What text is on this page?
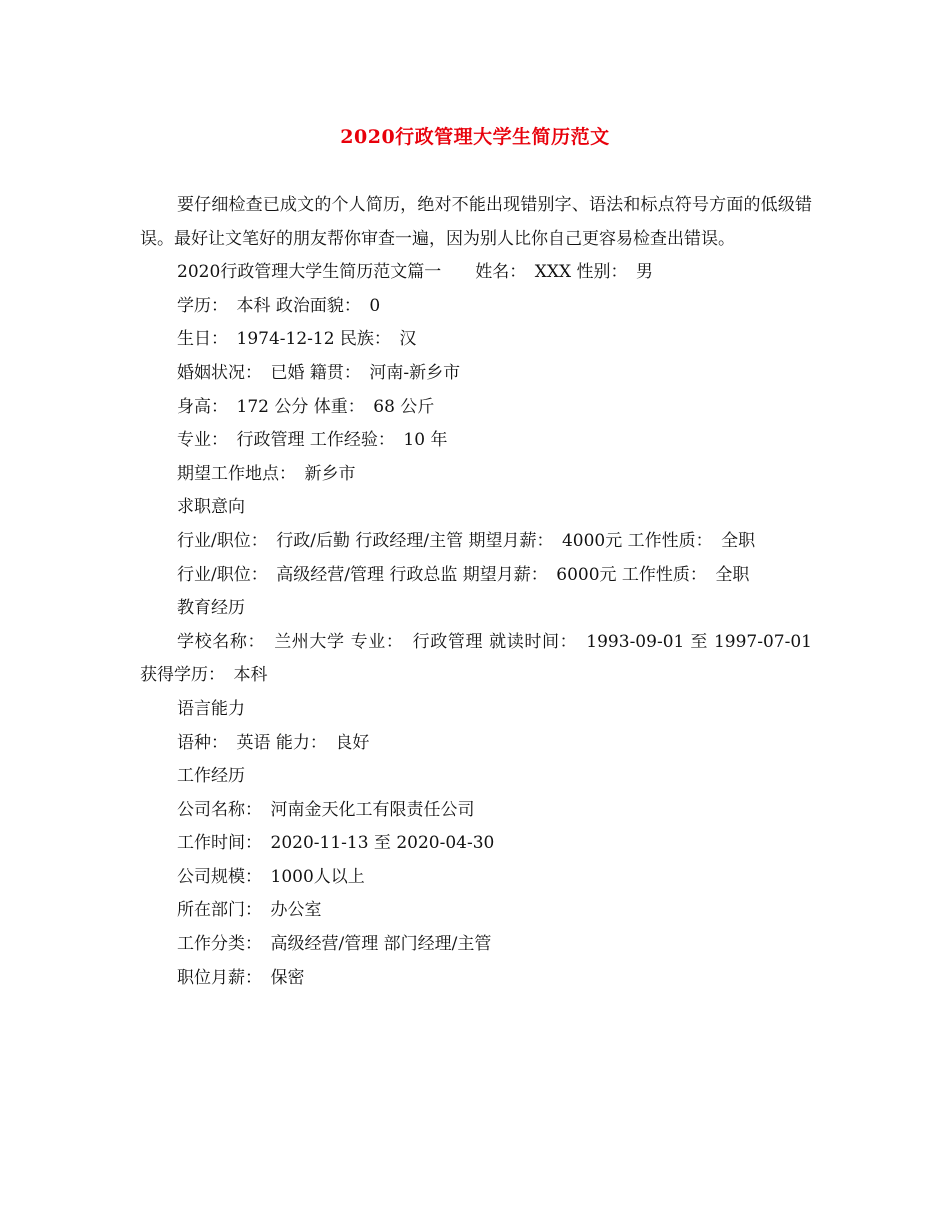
2020行政管理大学生简历范文

要仔细检查已成文的个人简历，绝对不能出现错别字、语法和标点符号方面的低级错误。最好让文笔好的朋友帮你审查一遍，因为别人比你自己更容易检查出错误。

2020行政管理大学生简历范文篇一　　姓名：　XXX 性别：　男

学历：　本科 政治面貌：　0

生日：　1974-12-12 民族：　汉

婚姻状况：　已婚 籍贯：　河南-新乡市

身高：　172 公分 体重：　68 公斤

专业：　行政管理 工作经验：　10 年

期望工作地点：　新乡市

求职意向

行业/职位：　行政/后勤 行政经理/主管 期望月薪：　4000元 工作性质：　全职

行业/职位：　高级经营/管理 行政总监 期望月薪：　6000元 工作性质：　全职

教育经历

学校名称：　兰州大学 专业：　行政管理 就读时间：　1993-09-01 至 1997-07-01 获得学历：　本科

语言能力

语种：　英语 能力：　良好

工作经历

公司名称：　河南金天化工有限责任公司

工作时间：　2020-11-13 至 2020-04-30

公司规模：　1000人以上

所在部门：　办公室

工作分类：　高级经营/管理 部门经理/主管

职位月薪：　保密
